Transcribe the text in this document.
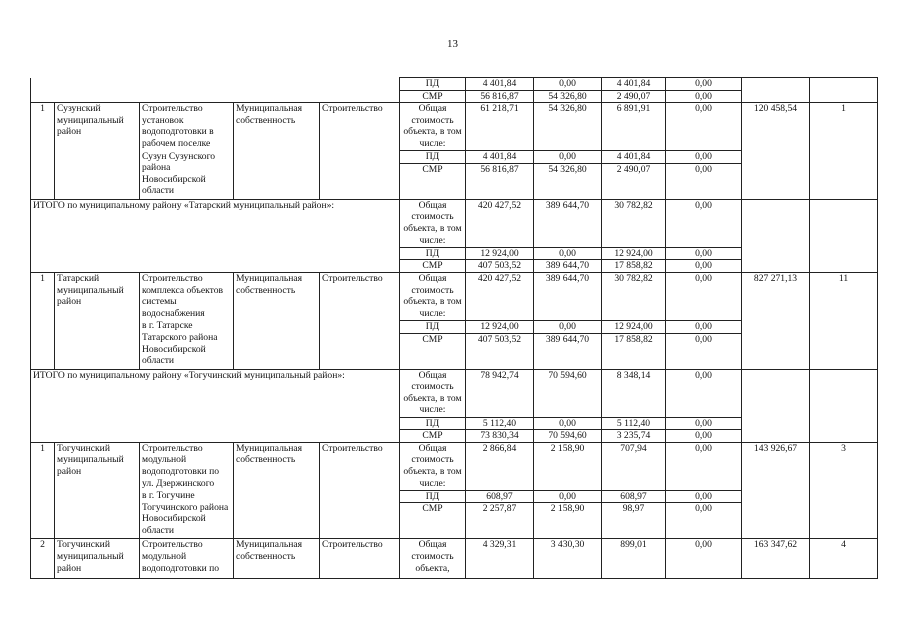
13
					ПД	4 401,84	0,00	4 401,84	0,00		
					СМР	56 816,87	54 326,80	2 490,07	0,00		
1	Сузунский муниципальный район	Строительство установок водоподготовки в рабочем поселке	Муниципальная собственность	Строительство	Общая стоимость объекта, в том числе:	61 218,71	54 326,80	6 891,91	0,00	120 458,54	1
		Сузун Сузунского района Новосибирской области			ПД	4 401,84	0,00	4 401,84	0,00		
					СМР	56 816,87	54 326,80	2 490,07	0,00		
ИТОГО по муниципальному району «Татарский муниципальный район»:					Общая стоимость объекта, в том числе:	420 427,52	389 644,70	30 782,82	0,00		
					ПД	12 924,00	0,00	12 924,00	0,00		
					СМР	407 503,52	389 644,70	17 858,82	0,00		
1	Татарский муниципальный район	Строительство комплекса объектов системы водоснабжения	Муниципальная собственность	Строительство	Общая стоимость объекта, в том числе:	420 427,52	389 644,70	30 782,82	0,00	827 271,13	11
		в г. Татарске Татарского района Новосибирской области			ПД	12 924,00	0,00	12 924,00	0,00		
					СМР	407 503,52	389 644,70	17 858,82	0,00		
ИТОГО по муниципальному району «Тогучинский муниципальный район»:					Общая стоимость объекта, в том числе:	78 942,74	70 594,60	8 348,14	0,00		
					ПД	5 112,40	0,00	5 112,40	0,00		
					СМР	73 830,34	70 594,60	3 235,74	0,00		
1	Тогучинский муниципальный район	Строительство модульной водоподготовки по ул. Дзержинского	Муниципальная собственность	Строительство	Общая стоимость объекта, в том числе:	2 866,84	2 158,90	707,94	0,00	143 926,67	3
		в г. Тогучине Тогучинского района Новосибирской области			ПД	608,97	0,00	608,97	0,00		
					СМР	2 257,87	2 158,90	98,97	0,00		
2	Тогучинский муниципальный район	Строительство модульной водоподготовки по	Муниципальная собственность	Строительство	Общая стоимость объекта,	4 329,31	3 430,30	899,01	0,00	163 347,62	4
